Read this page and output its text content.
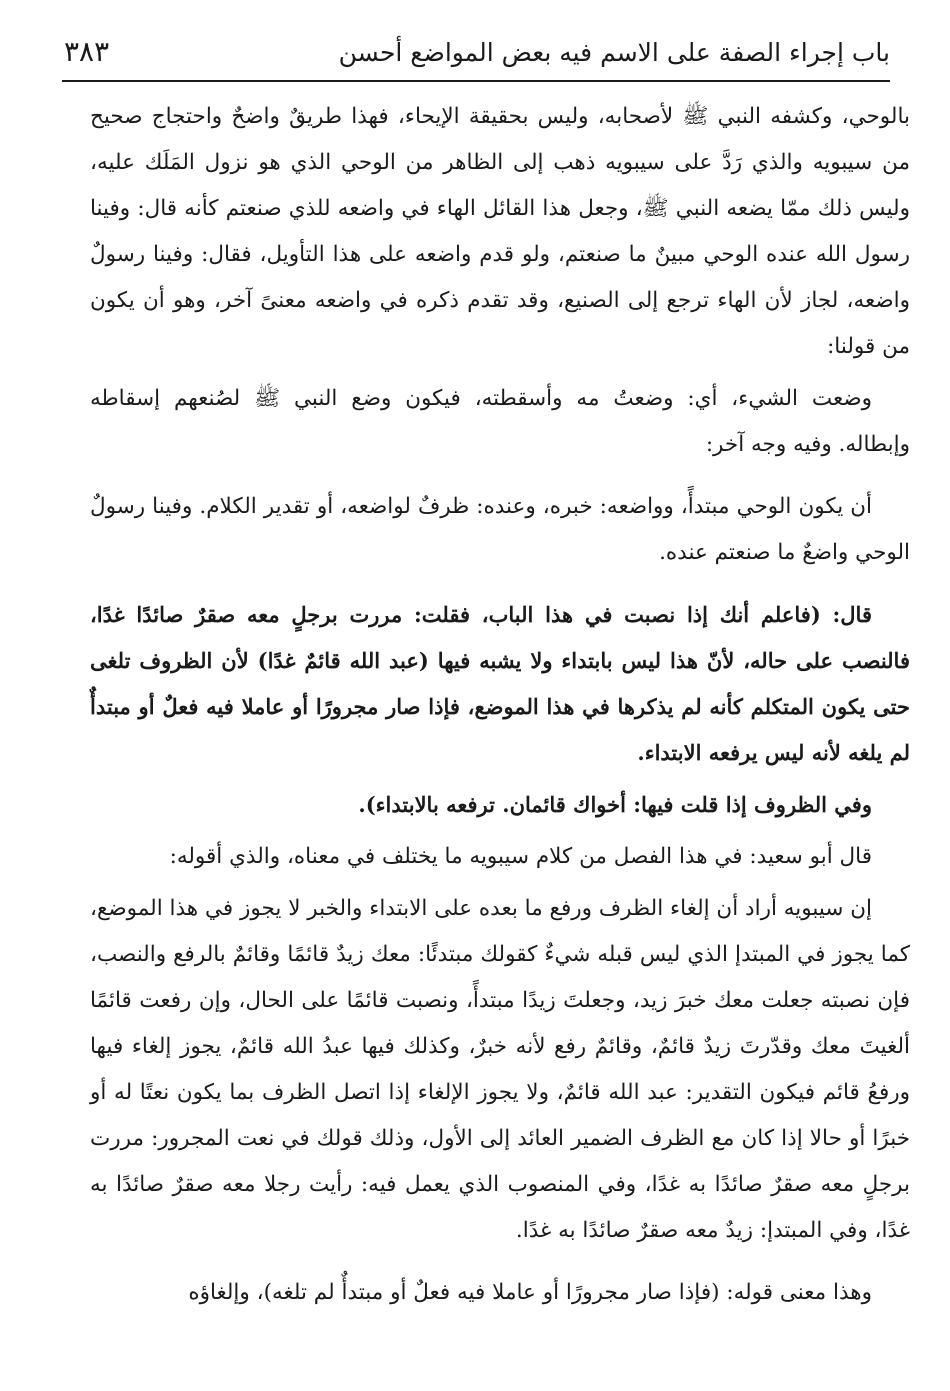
باب إجراء الصفة على الاسم فيه بعض المواضع أحسن
٣٨٣

بالوحي، وكشفه النبي ﷺ لأصحابه، وليس بحقيقة الإيحاء، فهذا طريقٌ واضحٌ واحتجاج صحيح من سيبويه والذي رَدَّ على سيبويه ذهب إلى الظاهر من الوحي الذي هو نزول المَلَك عليه، وليس ذلك ممّا يضعه النبي ﷺ، وجعل هذا القائل الهاء في واضعه للذي صنعتم كأنه قال: وفينا رسول الله عنده الوحي مبينٌ ما صنعتم، ولو قدم واضعه على هذا التأويل، فقال: وفينا رسولٌ واضعه، لجاز لأن الهاء ترجع إلى الصنيع، وقد تقدم ذكره في واضعه معنىً آخر، وهو أن يكون من قولنا:

وضعت الشيء، أي: وضعتُ مه وأسقطته، فيكون وضع النبي ﷺ لصُنعهم إسقاطه وإبطاله. وفيه وجه آخر:

أن يكون الوحي مبتدأً، وواضعه: خبره، وعنده: ظرفٌ لواضعه، أو تقدير الكلام. وفينا رسولٌ الوحي واضعٌ ما صنعتم عنده.

قال: (فاعلم أنك إذا نصبت في هذا الباب، فقلت: مررت برجلٍ معه صقرٌ صائدًا غدًا، فالنصب على حاله، لأنّ هذا ليس بابتداء ولا يشبه فيها (عبد الله قائمٌ غدًا) لأن الظروف تلغى حتى يكون المتكلم كأنه لم يذكرها في هذا الموضع، فإذا صار مجرورًا أو عاملا فيه فعلٌ أو مبتدأٌ لم يلغه لأنه ليس يرفعه الابتداء.

وفي الظروف إذا قلت فيها: أخواك قائمان. ترفعه بالابتداء).

قال أبو سعيد: في هذا الفصل من كلام سيبويه ما يختلف في معناه، والذي أقوله:

إن سيبويه أراد أن إلغاء الظرف ورفع ما بعده على الابتداء والخبر لا يجوز في هذا الموضع، كما يجوز في المبتدإ الذي ليس قبله شيءٌ كقولك مبتدئًا: معك زيدٌ قائمًا وقائمٌ بالرفع والنصب، فإن نصبته جعلت معك خبرَ زيد، وجعلتَ زيدًا مبتدأً، ونصبت قائمًا على الحال، وإن رفعت قائمًا ألغيتَ معك وقدّرتَ زيدٌ قائمٌ، وقائمٌ رفع لأنه خبرٌ، وكذلك فيها عبدُ الله قائمٌ، يجوز إلغاء فيها ورفعُ قائم فيكون التقدير: عبد الله قائمٌ، ولا يجوز الإلغاء إذا اتصل الظرف بما يكون نعتًا له أو خبرًا أو حالا إذا كان مع الظرف الضمير العائد إلى الأول، وذلك قولك في نعت المجرور: مررت برجلٍ معه صقرٌ صائدًا به غدًا، وفي المنصوب الذي يعمل فيه: رأيت رجلا معه صقرٌ صائدًا به غدًا، وفي المبتدإ: زيدٌ معه صقرٌ صائدًا به غدًا.

وهذا معنى قوله: (فإذا صار مجرورًا أو عاملا فيه فعلٌ أو مبتدأٌ لم تلغه)، وإلغاؤه
